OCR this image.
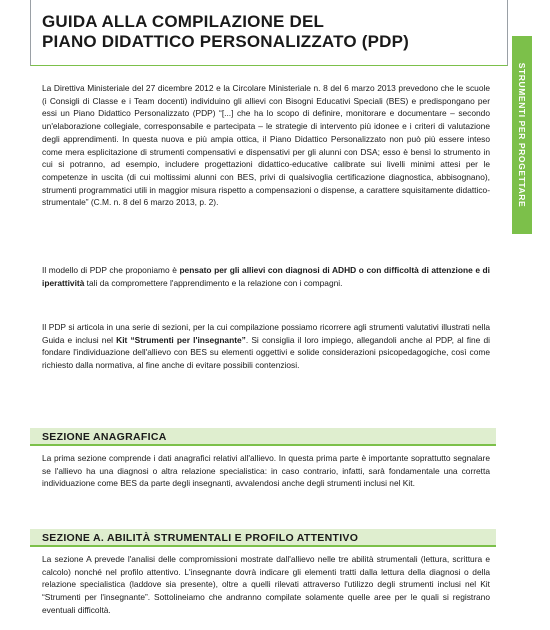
GUIDA ALLA COMPILAZIONE DEL
PIANO DIDATTICO PERSONALIZZATO (PDP)
STRUMENTI PER PROGETTARE

La Direttiva Ministeriale del 27 dicembre 2012 e la Circolare Ministeriale n. 8 del 6 marzo 2013 prevedono che le scuole (i Consigli di Classe e i Team docenti) individuino gli allievi con Bisogni Educativi Speciali (BES) e predispongano per essi un Piano Didattico Personalizzato (PDP) “[...] che ha lo scopo di definire, monitorare e documentare – secondo un'elaborazione collegiale, corresponsabile e partecipata – le strategie di intervento più idonee e i criteri di valutazione degli apprendimenti. In questa nuova e più ampia ottica, il Piano Didattico Personalizzato non può più essere inteso come mera esplicitazione di strumenti compensativi e dispensativi per gli alunni con DSA; esso è bensì lo strumento in cui si potranno, ad esempio, includere progettazioni didattico-educative calibrate sui livelli minimi attesi per le competenze in uscita (di cui moltissimi alunni con BES, privi di qualsivoglia certificazione diagnostica, abbisognano), strumenti programmatici utili in maggior misura rispetto a compensazioni o dispense, a carattere squisitamente didattico-strumentale” (C.M. n. 8 del 6 marzo 2013, p. 2).

Il modello di PDP che proponiamo è pensato per gli allievi con diagnosi di ADHD o con difficoltà di attenzione e di iperattività tali da compromettere l'apprendimento e la relazione con i compagni.

Il PDP si articola in una serie di sezioni, per la cui compilazione possiamo ricorrere agli strumenti valutativi illustrati nella Guida e inclusi nel Kit “Strumenti per l'insegnante”. Si consiglia il loro impiego, allegandoli anche al PDP, al fine di fondare l'individuazione dell'allievo con BES su elementi oggettivi e solide considerazioni psicopedagogiche, così come richiesto dalla normativa, al fine anche di evitare possibili contenziosi.

SEZIONE ANAGRAFICA

La prima sezione comprende i dati anagrafici relativi all'allievo. In questa prima parte è importante soprattutto segnalare se l'allievo ha una diagnosi o altra relazione specialistica: in caso contrario, infatti, sarà fondamentale una corretta individuazione come BES da parte degli insegnanti, avvalendosi anche degli strumenti inclusi nel Kit.

SEZIONE A. ABILITÀ STRUMENTALI E PROFILO ATTENTIVO

La sezione A prevede l'analisi delle compromissioni mostrate dall'allievo nelle tre abilità strumentali (lettura, scrittura e calcolo) nonché nel profilo attentivo. L'insegnante dovrà indicare gli elementi tratti dalla lettura della diagnosi o della relazione specialistica (laddove sia presente), oltre a quelli rilevati attraverso l'utilizzo degli strumenti inclusi nel Kit “Strumenti per l'insegnante”. Sottolineiamo che andranno compilate solamente quelle aree per le quali si registrano eventuali difficoltà.
